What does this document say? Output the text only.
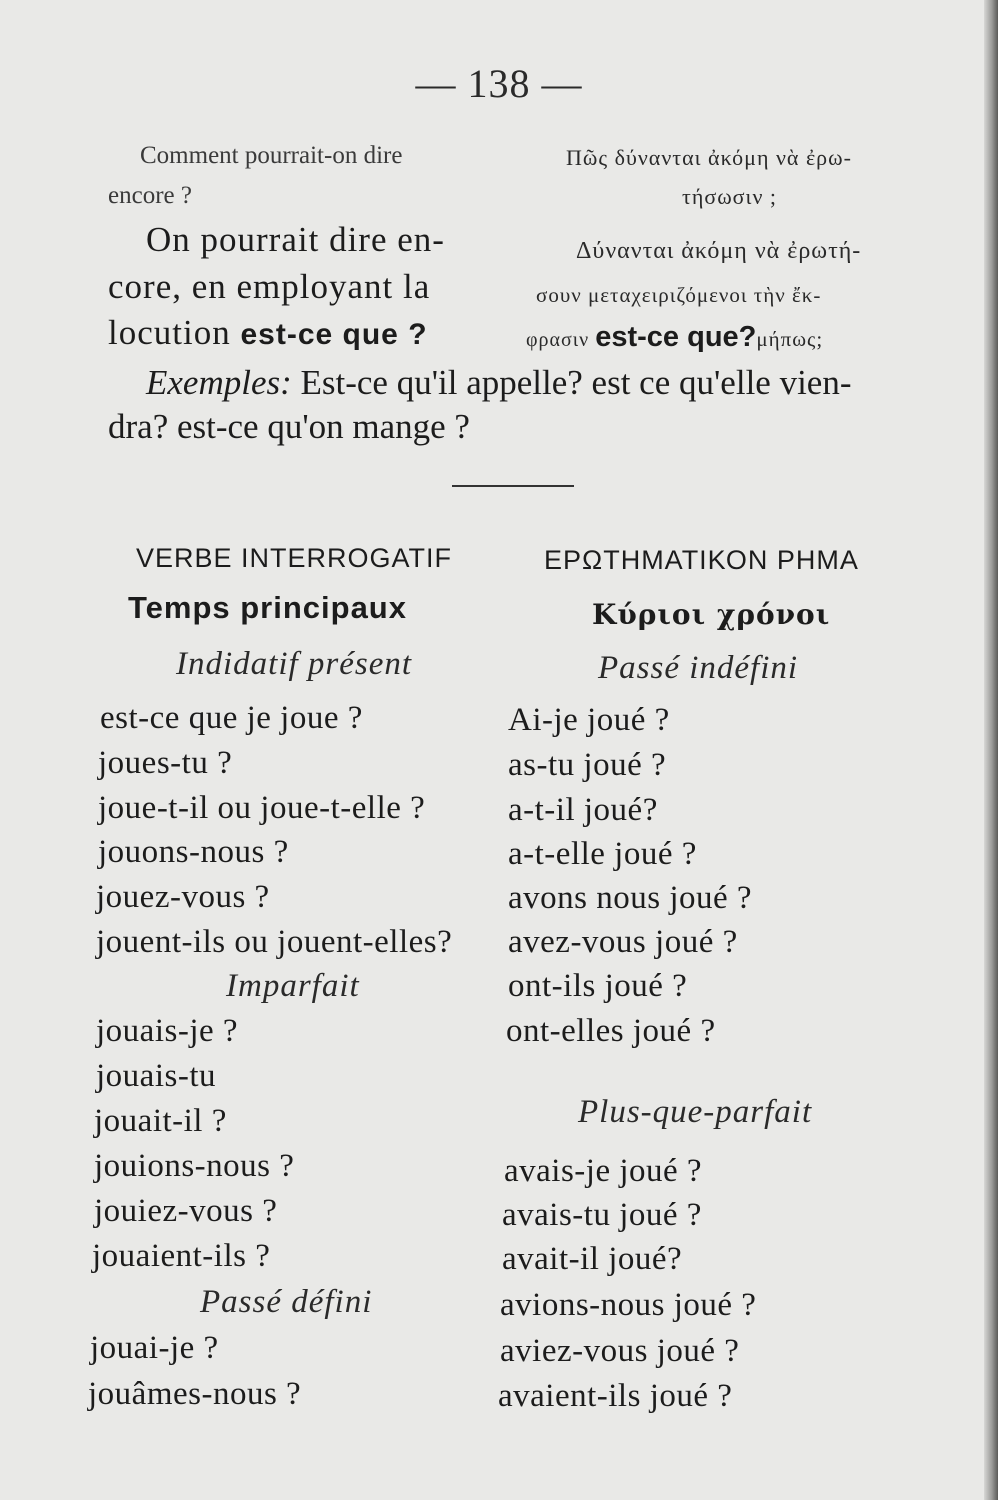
— 138 —
Comment pourrait-on dire
encore ?
Πῶς δύνανται ἀκόμη νὰ ἐρω-
τήσωσιν ;
On pourrait dire en-
core, en employant la
locution est-ce que ?
Δύνανται ἀκόμη νὰ ἐρωτή-
σουν μεταχειριζόμενοι τὴν ἔκ-
φρασιν est-ce que?μήπως;
Exemples: Est-ce qu'il appelle? est ce qu'elle vien-
dra? est-ce qu'on mange ?
VERBE INTERROGATIF	ΕΡΩΤΗΜΑΤΙΚΟΝ ΡΗΜΑ
Temps principaux	Κύριοι χρόνοι
Indidatif présent
est-ce que je joue ?
joues-tu ?
joue-t-il ou joue-t-elle ?
jouons-nous ?
jouez-vous ?
jouent-ils ou jouent-elles?
Imparfait
jouais-je ?
jouais-tu
jouait-il ?
jouions-nous ?
jouiez-vous ?
jouaient-ils ?
Passé défini
jouai-je ?
jouâmes-nous ?
Passé indéfini
Ai-je joué ?
as-tu joué ?
a-t-il joué?
a-t-elle joué ?
avons nous joué ?
avez-vous joué ?
ont-ils joué ?
ont-elles joué ?
Plus-que-parfait
avais-je joué ?
avais-tu joué ?
avait-il joué?
avions-nous joué ?
aviez-vous joué ?
avaient-ils joué ?
